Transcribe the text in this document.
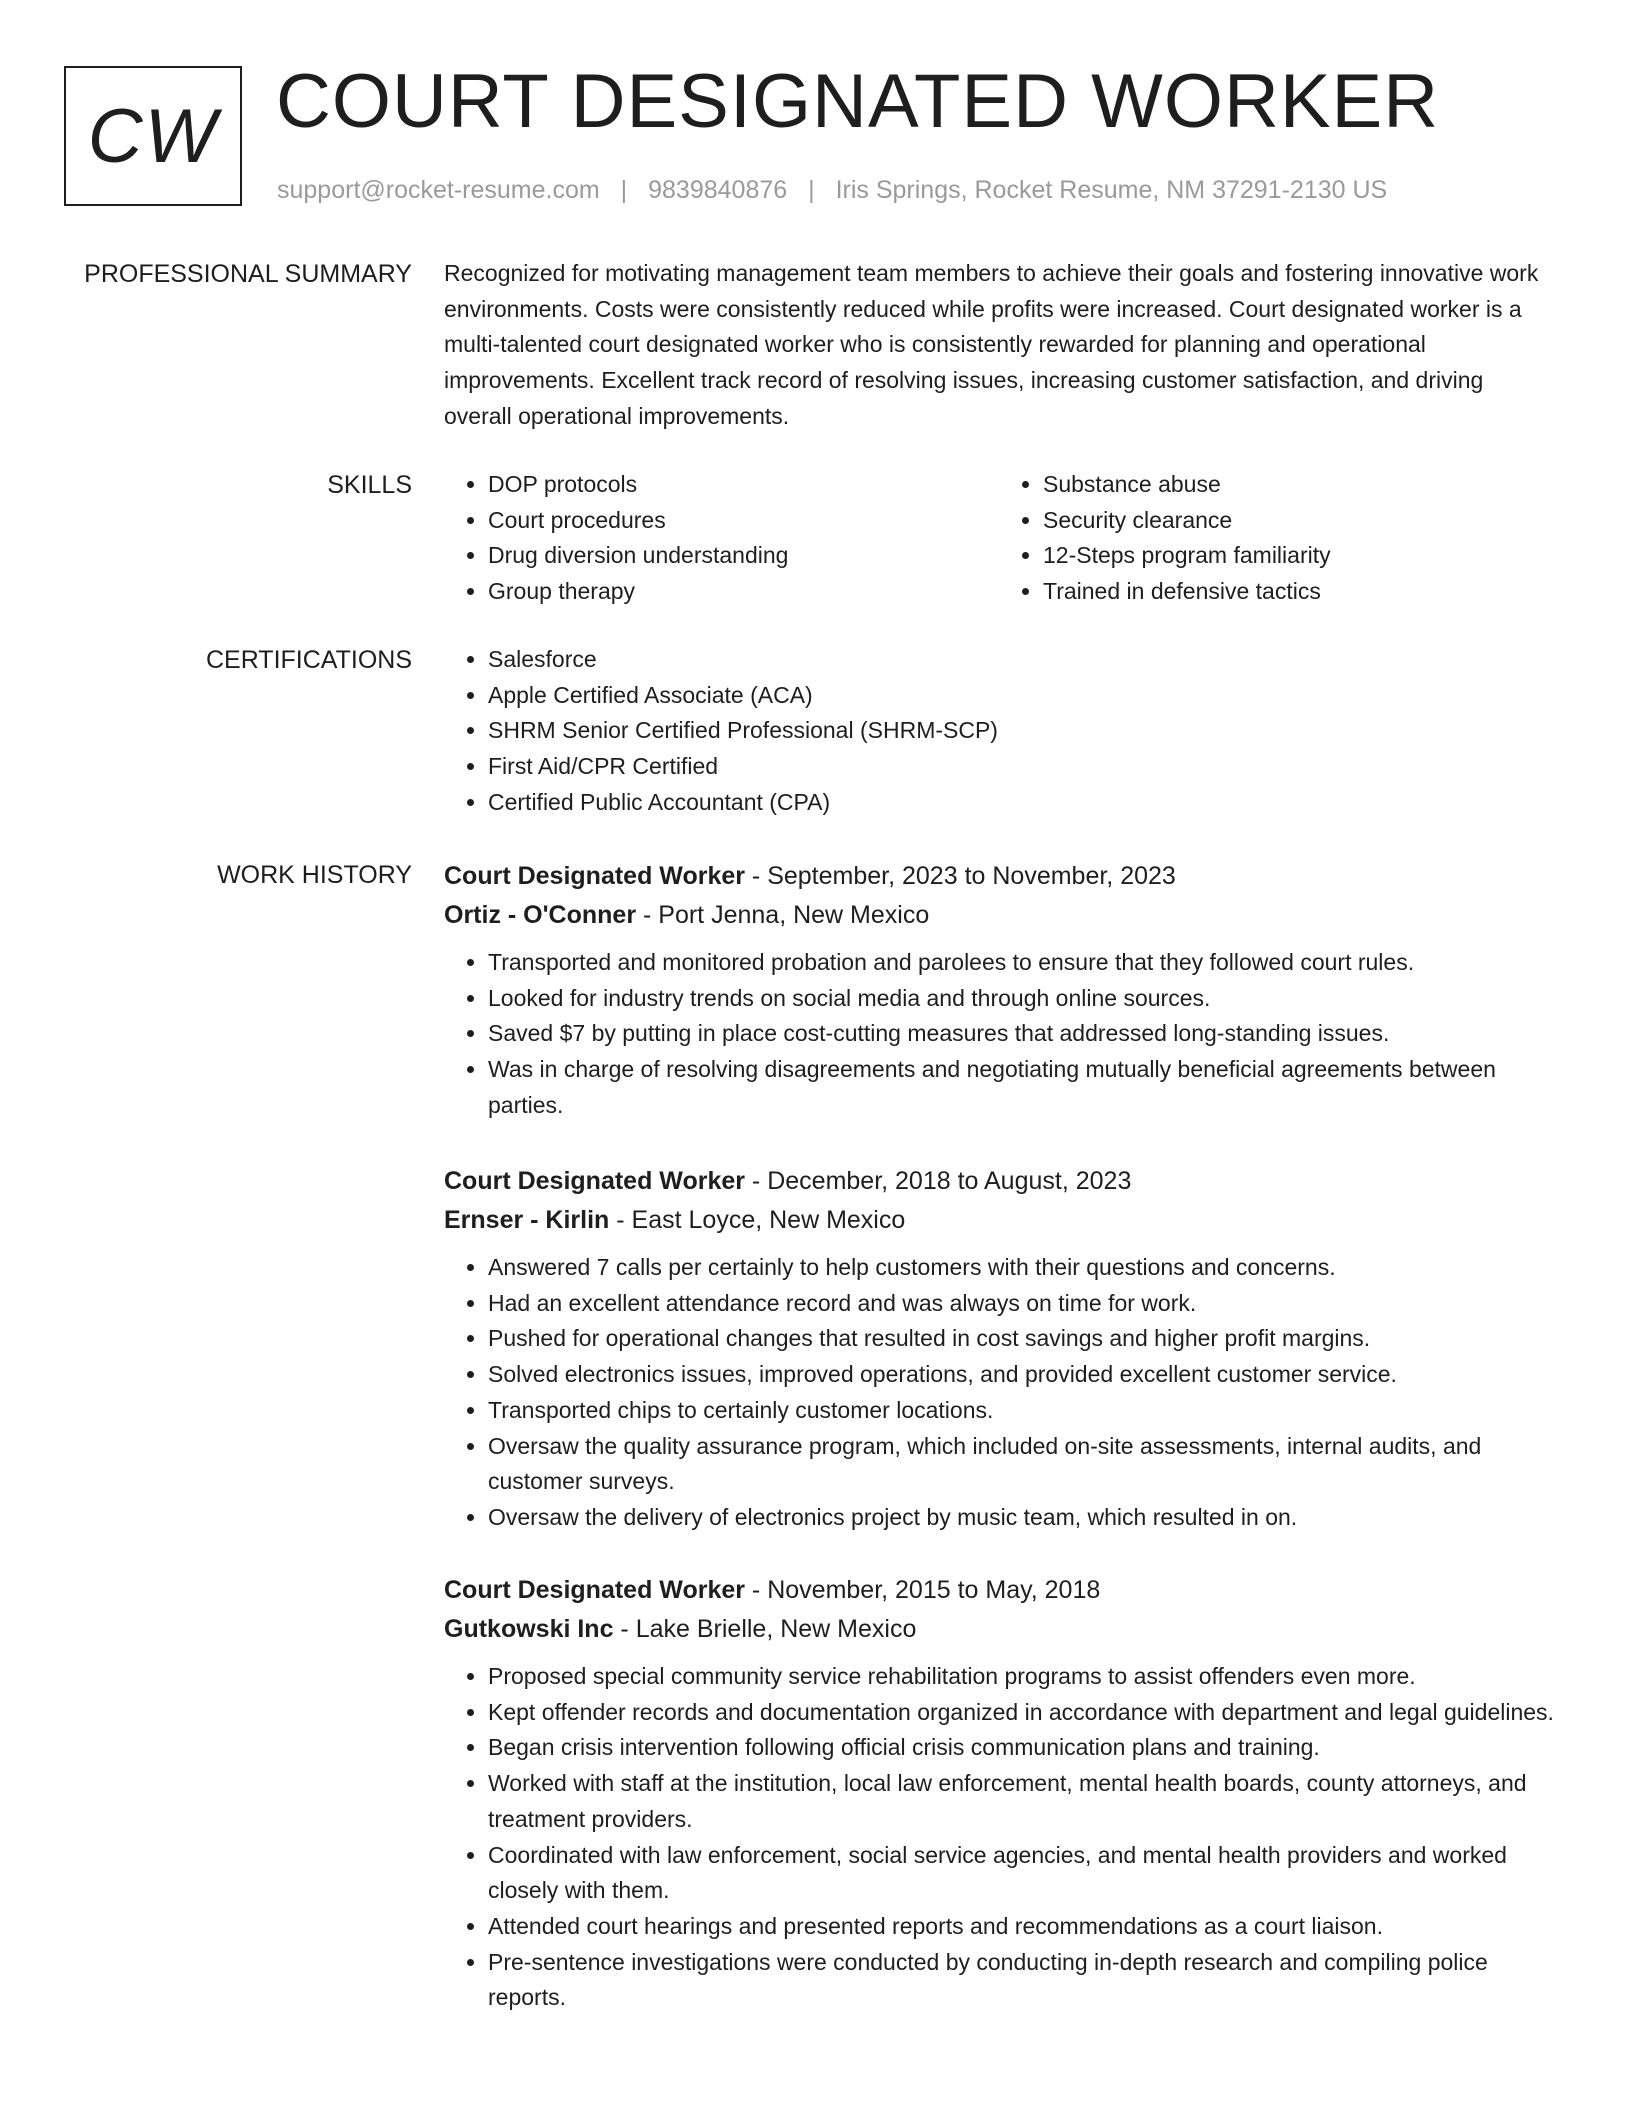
CW COURT DESIGNATED WORKER
support@rocket-resume.com | 9839840876 | Iris Springs, Rocket Resume, NM 37291-2130 US
PROFESSIONAL SUMMARY Recognized for motivating management team members to achieve their goals and fostering innovative work environments. Costs were consistently reduced while profits were increased. Court designated worker is a multi-talented court designated worker who is consistently rewarded for planning and operational improvements. Excellent track record of resolving issues, increasing customer satisfaction, and driving overall operational improvements.

SKILLS	• DOP protocols
• Court procedures
• Drug diversion understanding
• Group therapy
• Substance abuse
• Security clearance
• 12-Steps program familiarity
• Trained in defensive tactics
CERTIFICATIONS	• Salesforce
• Apple Certified Associate (ACA)
• SHRM Senior Certified Professional (SHRM-SCP)
• First Aid/CPR Certified
• Certified Public Accountant (CPA)
WORK HISTORY Court Designated Worker - September, 2023 to November, 2023
Ortiz - O'Conner - Port Jenna, New Mexico
• Transported and monitored probation and parolees to ensure that they followed court rules.
• Looked for industry trends on social media and through online sources.
• Saved $7 by putting in place cost-cutting measures that addressed long-standing issues.
• Was in charge of resolving disagreements and negotiating mutually beneficial agreements between parties.
Court Designated Worker - December, 2018 to August, 2023
Ernser - Kirlin - East Loyce, New Mexico
• Answered 7 calls per certainly to help customers with their questions and concerns.
• Had an excellent attendance record and was always on time for work.
• Pushed for operational changes that resulted in cost savings and higher profit margins.
• Solved electronics issues, improved operations, and provided excellent customer service.
• Transported chips to certainly customer locations.
• Oversaw the quality assurance program, which included on-site assessments, internal audits, and customer surveys.
• Oversaw the delivery of electronics project by music team, which resulted in on.
Court Designated Worker - November, 2015 to May, 2018
Gutkowski Inc - Lake Brielle, New Mexico
• Proposed special community service rehabilitation programs to assist offenders even more.
• Kept offender records and documentation organized in accordance with department and legal guidelines.
• Began crisis intervention following official crisis communication plans and training.
• Worked with staff at the institution, local law enforcement, mental health boards, county attorneys, and treatment providers.
• Coordinated with law enforcement, social service agencies, and mental health providers and worked closely with them.
• Attended court hearings and presented reports and recommendations as a court liaison.
• Pre-sentence investigations were conducted by conducting in-depth research and compiling police reports.
